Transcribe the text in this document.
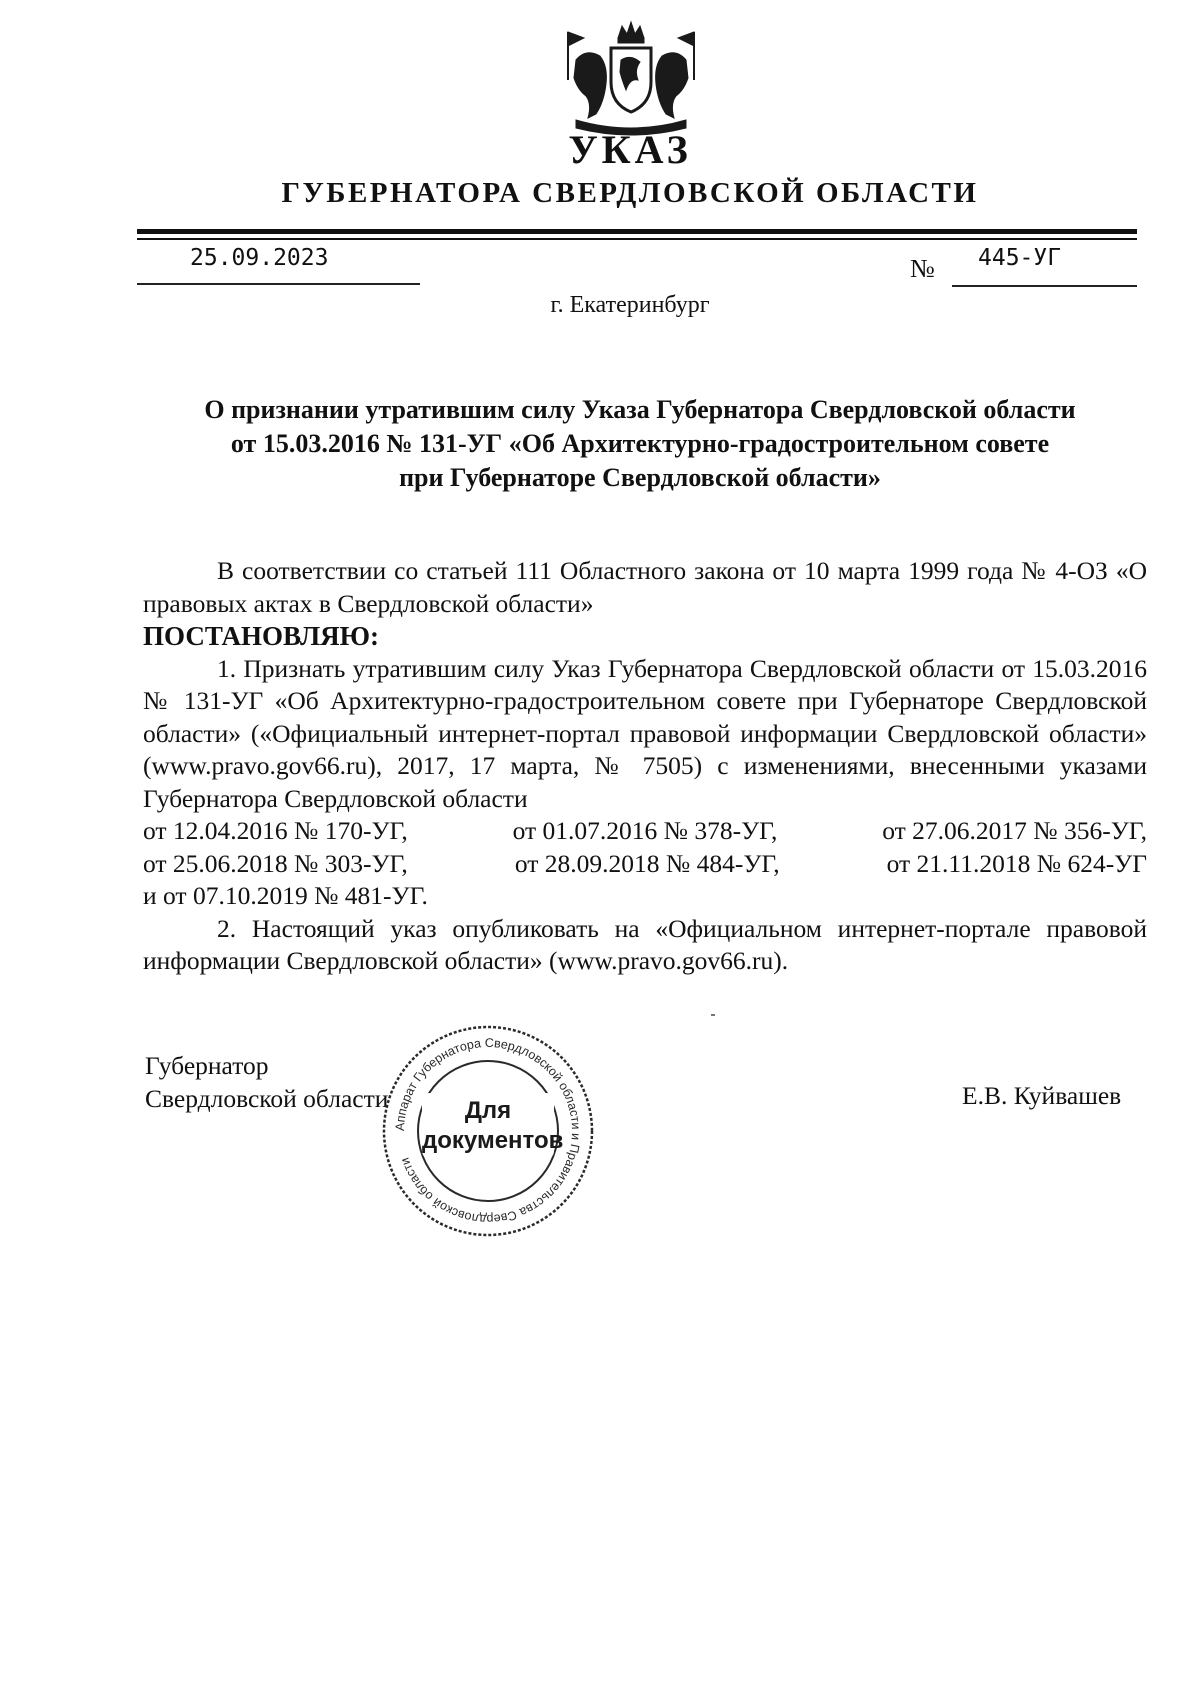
УКАЗ
ГУБЕРНАТОРА СВЕРДЛОВСКОЙ ОБЛАСТИ
25.09.2023	№ 445-УГ
г. Екатеринбург
О признании утратившим силу Указа Губернатора Свердловской области
от 15.03.2016 № 131-УГ «Об Архитектурно-градостроительном совете
при Губернаторе Свердловской области»

В соответствии со статьей 111 Областного закона от 10 марта 1999 года № 4-ОЗ «О правовых актах в Свердловской области»

ПОСТАНОВЛЯЮ:

1. Признать утратившим силу Указ Губернатора Свердловской области от 15.03.2016 № 131-УГ «Об Архитектурно-градостроительном совете при Губернаторе Свердловской области» («Официальный интернет-портал правовой информации Свердловской области» (www.pravo.gov66.ru), 2017, 17 марта, № 7505) с изменениями, внесенными указами Губернатора Свердловской области

от 12.04.2016 № 170-УГ,	от 01.07.2016 № 378-УГ,	от 27.06.2017 № 356-УГ,
от 25.06.2018 № 303-УГ,	от 28.09.2018 № 484-УГ,	от 21.11.2018 № 624-УГ

и от 07.10.2019 № 481-УГ.

2. Настоящий указ опубликовать на «Официальном интернет-портале правовой информации Свердловской области» (www.pravo.gov66.ru).

Губернатор
Свердловской области	Е.В. Куйвашев
Аппарат Губернатора Свердловской области и Правительства Свердловской области
Для
документов
